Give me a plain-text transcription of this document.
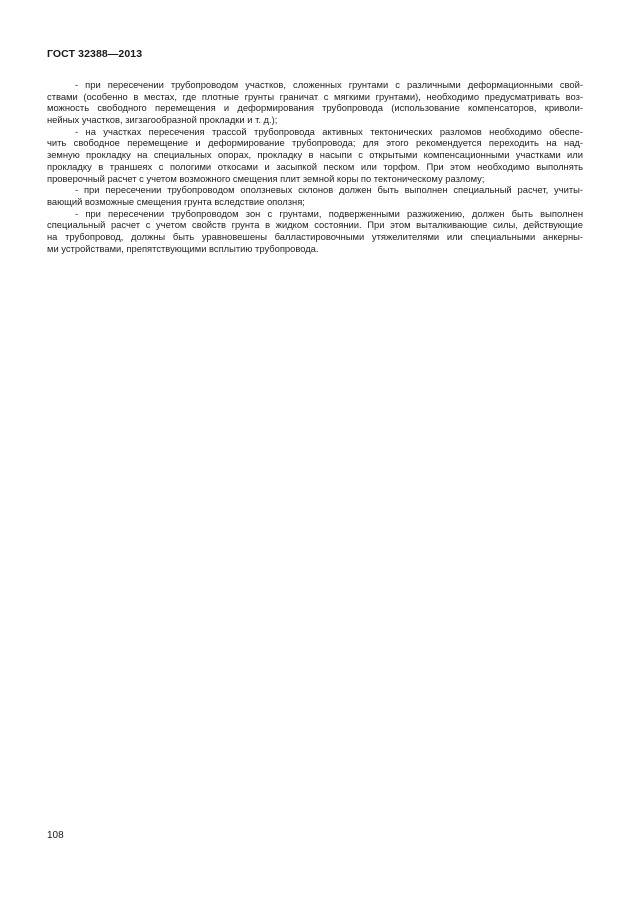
ГОСТ 32388—2013
- при пересечении трубопроводом участков, сложенных грунтами с различными деформационными свой-
ствами (особенно в местах, где плотные грунты граничат с мягкими грунтами), необходимо предусматривать воз-
можность свободного перемещения и деформирования трубопровода (использование компенсаторов, криволи-
нейных участков, зигзагообразной прокладки и т. д.);
- на участках пересечения трассой трубопровода активных тектонических разломов необходимо обеспе-
чить свободное перемещение и деформирование трубопровода; для этого рекомендуется переходить на над-
земную прокладку на специальных опорах, прокладку в насыпи с открытыми компенсационными участками или
прокладку в траншеях с пологими откосами и засыпкой песком или торфом. При этом необходимо выполнять
проверочный расчет с учетом возможного смещения плит земной коры по тектоническому разлому;
- при пересечении трубопроводом оползневых склонов должен быть выполнен специальный расчет, учиты-
вающий возможные смещения грунта вследствие оползня;
- при пересечении трубопроводом зон с грунтами, подверженными разжижению, должен быть выполнен
специальный расчет с учетом свойств грунта в жидком состоянии. При этом выталкивающие силы, действующие
на трубопровод, должны быть уравновешены балластировочными утяжелителями или специальными анкерны-
ми устройствами, препятствующими всплытию трубопровода.
108
